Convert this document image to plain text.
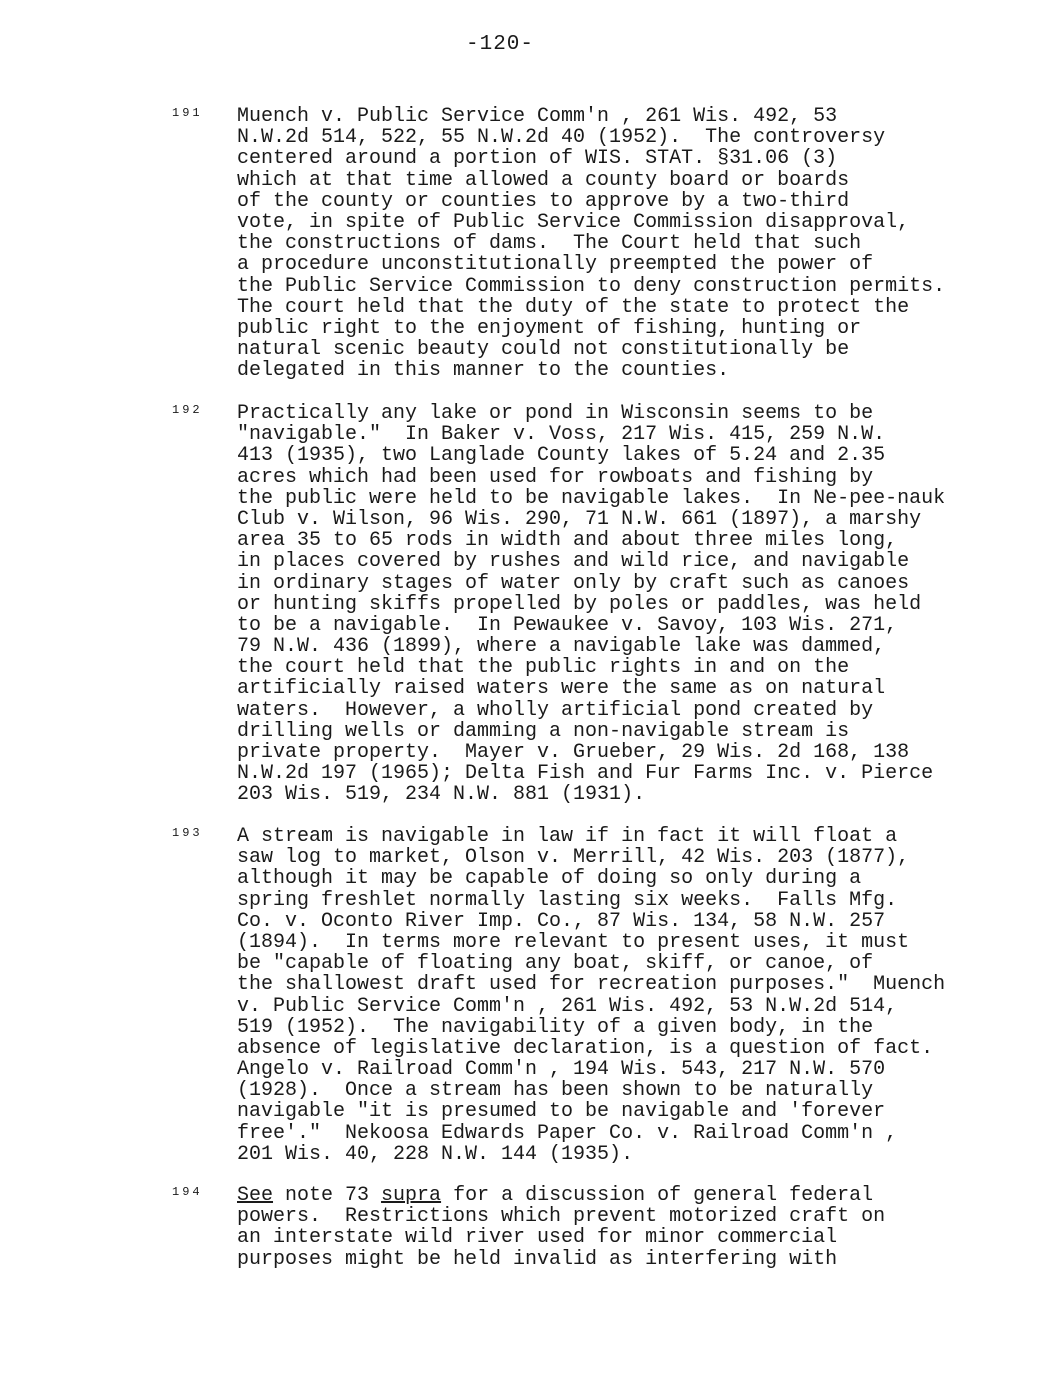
-120-
191 Muench v. Public Service Comm'n , 261 Wis. 492, 53
N.W.2d 514, 522, 55 N.W.2d 40 (1952).  The controversy
centered around a portion of WIS. STAT. §31.06 (3)
which at that time allowed a county board or boards
of the county or counties to approve by a two-third
vote, in spite of Public Service Commission disapproval,
the constructions of dams.  The Court held that such
a procedure unconstitutionally preempted the power of
the Public Service Commission to deny construction permits.
The court held that the duty of the state to protect the
public right to the enjoyment of fishing, hunting or
natural scenic beauty could not constitutionally be
delegated in this manner to the counties.
192 Practically any lake or pond in Wisconsin seems to be
"navigable."  In Baker v. Voss, 217 Wis. 415, 259 N.W.
413 (1935), two Langlade County lakes of 5.24 and 2.35
acres which had been used for rowboats and fishing by
the public were held to be navigable lakes.  In Ne-pee-nauk
Club v. Wilson, 96 Wis. 290, 71 N.W. 661 (1897), a marshy
area 35 to 65 rods in width and about three miles long,
in places covered by rushes and wild rice, and navigable
in ordinary stages of water only by craft such as canoes
or hunting skiffs propelled by poles or paddles, was held
to be a navigable.  In Pewaukee v. Savoy, 103 Wis. 271,
79 N.W. 436 (1899), where a navigable lake was dammed,
the court held that the public rights in and on the
artificially raised waters were the same as on natural
waters.  However, a wholly artificial pond created by
drilling wells or damming a non-navigable stream is
private property.  Mayer v. Grueber, 29 Wis. 2d 168, 138
N.W.2d 197 (1965); Delta Fish and Fur Farms Inc. v. Pierce
203 Wis. 519, 234 N.W. 881 (1931).
193 A stream is navigable in law if in fact it will float a
saw log to market, Olson v. Merrill, 42 Wis. 203 (1877),
although it may be capable of doing so only during a
spring freshlet normally lasting six weeks.  Falls Mfg.
Co. v. Oconto River Imp. Co., 87 Wis. 134, 58 N.W. 257
(1894).  In terms more relevant to present uses, it must
be "capable of floating any boat, skiff, or canoe, of
the shallowest draft used for recreation purposes."  Muench
v. Public Service Comm'n , 261 Wis. 492, 53 N.W.2d 514,
519 (1952).  The navigability of a given body, in the
absence of legislative declaration, is a question of fact.
Angelo v. Railroad Comm'n , 194 Wis. 543, 217 N.W. 570
(1928).  Once a stream has been shown to be naturally
navigable "it is presumed to be navigable and 'forever
free'."  Nekoosa Edwards Paper Co. v. Railroad Comm'n ,
201 Wis. 40, 228 N.W. 144 (1935).
194 See note 73 supra for a discussion of general federal
powers.  Restrictions which prevent motorized craft on
an interstate wild river used for minor commercial
purposes might be held invalid as interfering with
